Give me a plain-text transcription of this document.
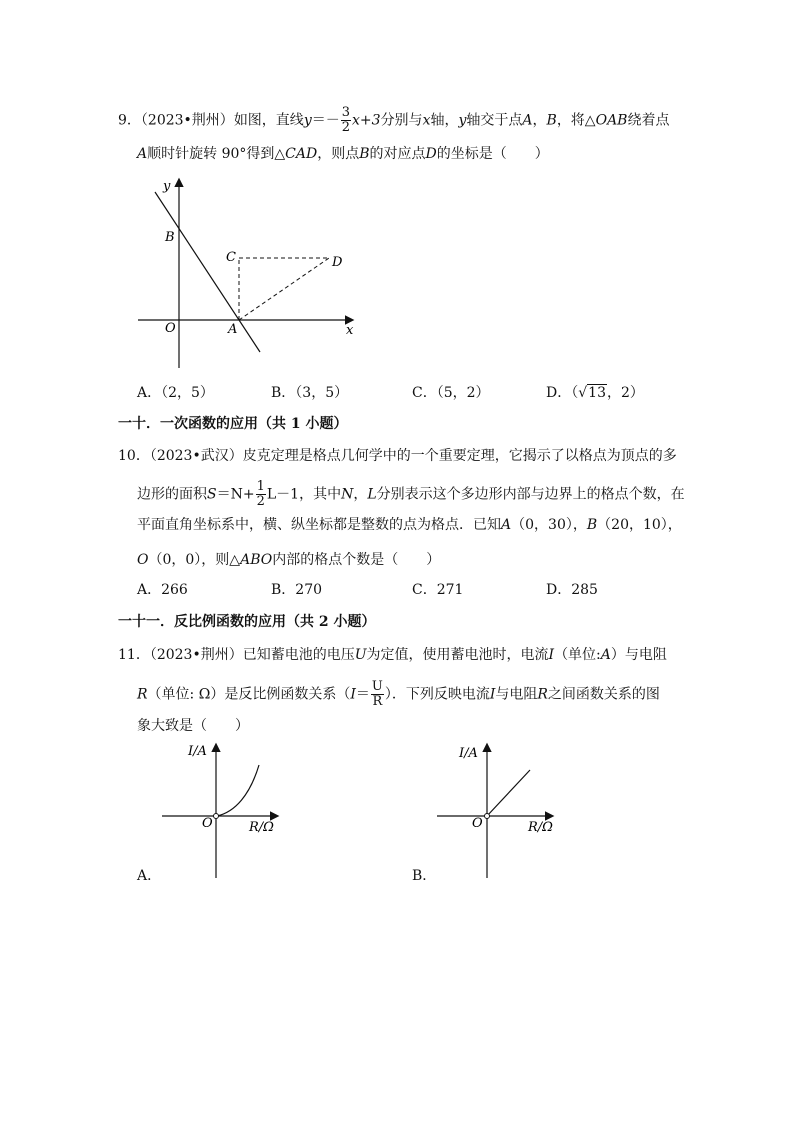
9．（2023•荆州）如图，直线$y=- \frac{3}{2} x+3$分别与x轴，y轴交于点A，B，将△OAB绕着点
A顺时针旋转 90°得到△CAD，则点B的对应点D的坐标是（　　）
y
B
C	D
O	A	x
A．（2，5）	B．（3，5）	C．（5，2）	D．（√13，2）
一十．一次函数的应用（共 1 小题）
10．（2023•武汉）皮克定理是格点几何学中的一个重要定理，它揭示了以格点为顶点的多
边形的面积$S=N+ \frac{1}{2} L-1$，其中N，L分别表示这个多边形内部与边界上的格点个数，在
平面直角坐标系中，横、纵坐标都是整数的点为格点．已知A（0，30），B（20，10），
O（0，0），则△ABO内部的格点个数是（　　）
A．266	B．270	C．271	D．285
一十一．反比例函数的应用（共 2 小题）
11．（2023•荆州）已知蓄电池的电压U为定值，使用蓄电池时，电流I（单位:A）与电阻
R（单位: Ω）是反比例函数关系（$I= \frac{U}{R}$ ）．下列反映电流I与电阻R之间函数关系的图
象大致是（　　）
I/A
O	R/Ω
A．
I/A
O	R/Ω
B．
